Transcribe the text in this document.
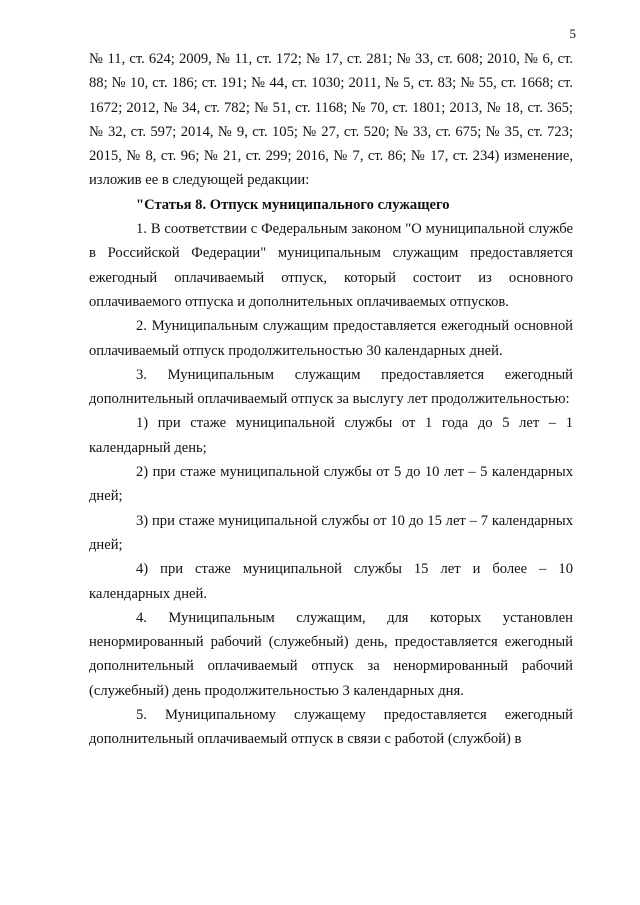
5

№ 11, ст. 624; 2009, № 11, ст. 172; № 17, ст. 281; № 33, ст. 608; 2010, № 6, ст. 88; № 10, ст. 186; ст. 191; № 44, ст. 1030; 2011, № 5, ст. 83; № 55, ст. 1668; ст. 1672; 2012, № 34, ст. 782; № 51, ст. 1168; № 70, ст. 1801; 2013, № 18, ст. 365; № 32, ст. 597; 2014, № 9, ст. 105; № 27, ст. 520; № 33, ст. 675; № 35, ст. 723; 2015, № 8, ст. 96; № 21, ст. 299; 2016, № 7, ст. 86; № 17, ст. 234) изменение, изложив ее в следующей редакции:

"Статья 8. Отпуск муниципального служащего

1. В соответствии с Федеральным законом "О муниципальной службе в Российской Федерации" муниципальным служащим предоставляется ежегодный оплачиваемый отпуск, который состоит из основного оплачиваемого отпуска и дополнительных оплачиваемых отпусков.

2. Муниципальным служащим предоставляется ежегодный основной оплачиваемый отпуск продолжительностью 30 календарных дней.

3. Муниципальным служащим предоставляется ежегодный дополнительный оплачиваемый отпуск за выслугу лет продолжительностью:

1) при стаже муниципальной службы от 1 года до 5 лет – 1 календарный день;

2) при стаже муниципальной службы от 5 до 10 лет – 5 календарных дней;

3) при стаже муниципальной службы от 10 до 15 лет – 7 календарных дней;

4) при стаже муниципальной службы 15 лет и более – 10 календарных дней.

4. Муниципальным служащим, для которых установлен ненормированный рабочий (служебный) день, предоставляется ежегодный дополнительный оплачиваемый отпуск за ненормированный рабочий (служебный) день продолжительностью 3 календарных дня.

5. Муниципальному служащему предоставляется ежегодный дополнительный оплачиваемый отпуск в связи с работой (службой) в
